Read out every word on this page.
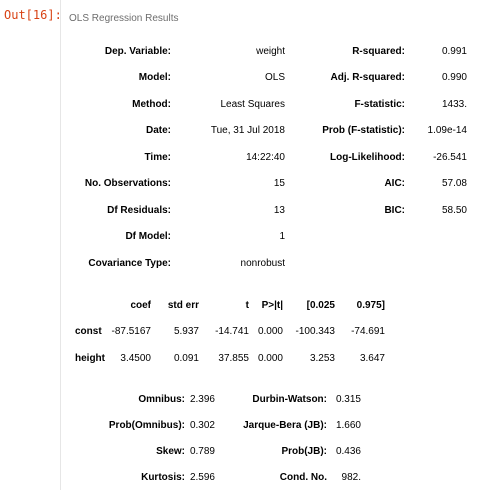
Out[16]: OLS Regression Results
Dep. Variable:	weight	R-squared:	0.991
Model:	OLS	Adj. R-squared:	0.990
Method:	Least Squares	F-statistic:	1433.
Date:	Tue, 31 Jul 2018	Prob (F-statistic):	1.09e-14
Time:	14:22:40	Log-Likelihood:	-26.541
No. Observations:	15	AIC:	57.08
Df Residuals:	13	BIC:	58.50
Df Model:	1		
Covariance Type:	nonrobust		
	coef	std err	t	P>|t|	[0.025	0.975]
const	-87.5167	5.937	-14.741	0.000	-100.343	-74.691
height	3.4500	0.091	37.855	0.000	3.253	3.647
Omnibus:	2.396	Durbin-Watson:	0.315
Prob(Omnibus):	0.302	Jarque-Bera (JB):	1.660
Skew:	0.789	Prob(JB):	0.436
Kurtosis:	2.596	Cond. No.	982.
